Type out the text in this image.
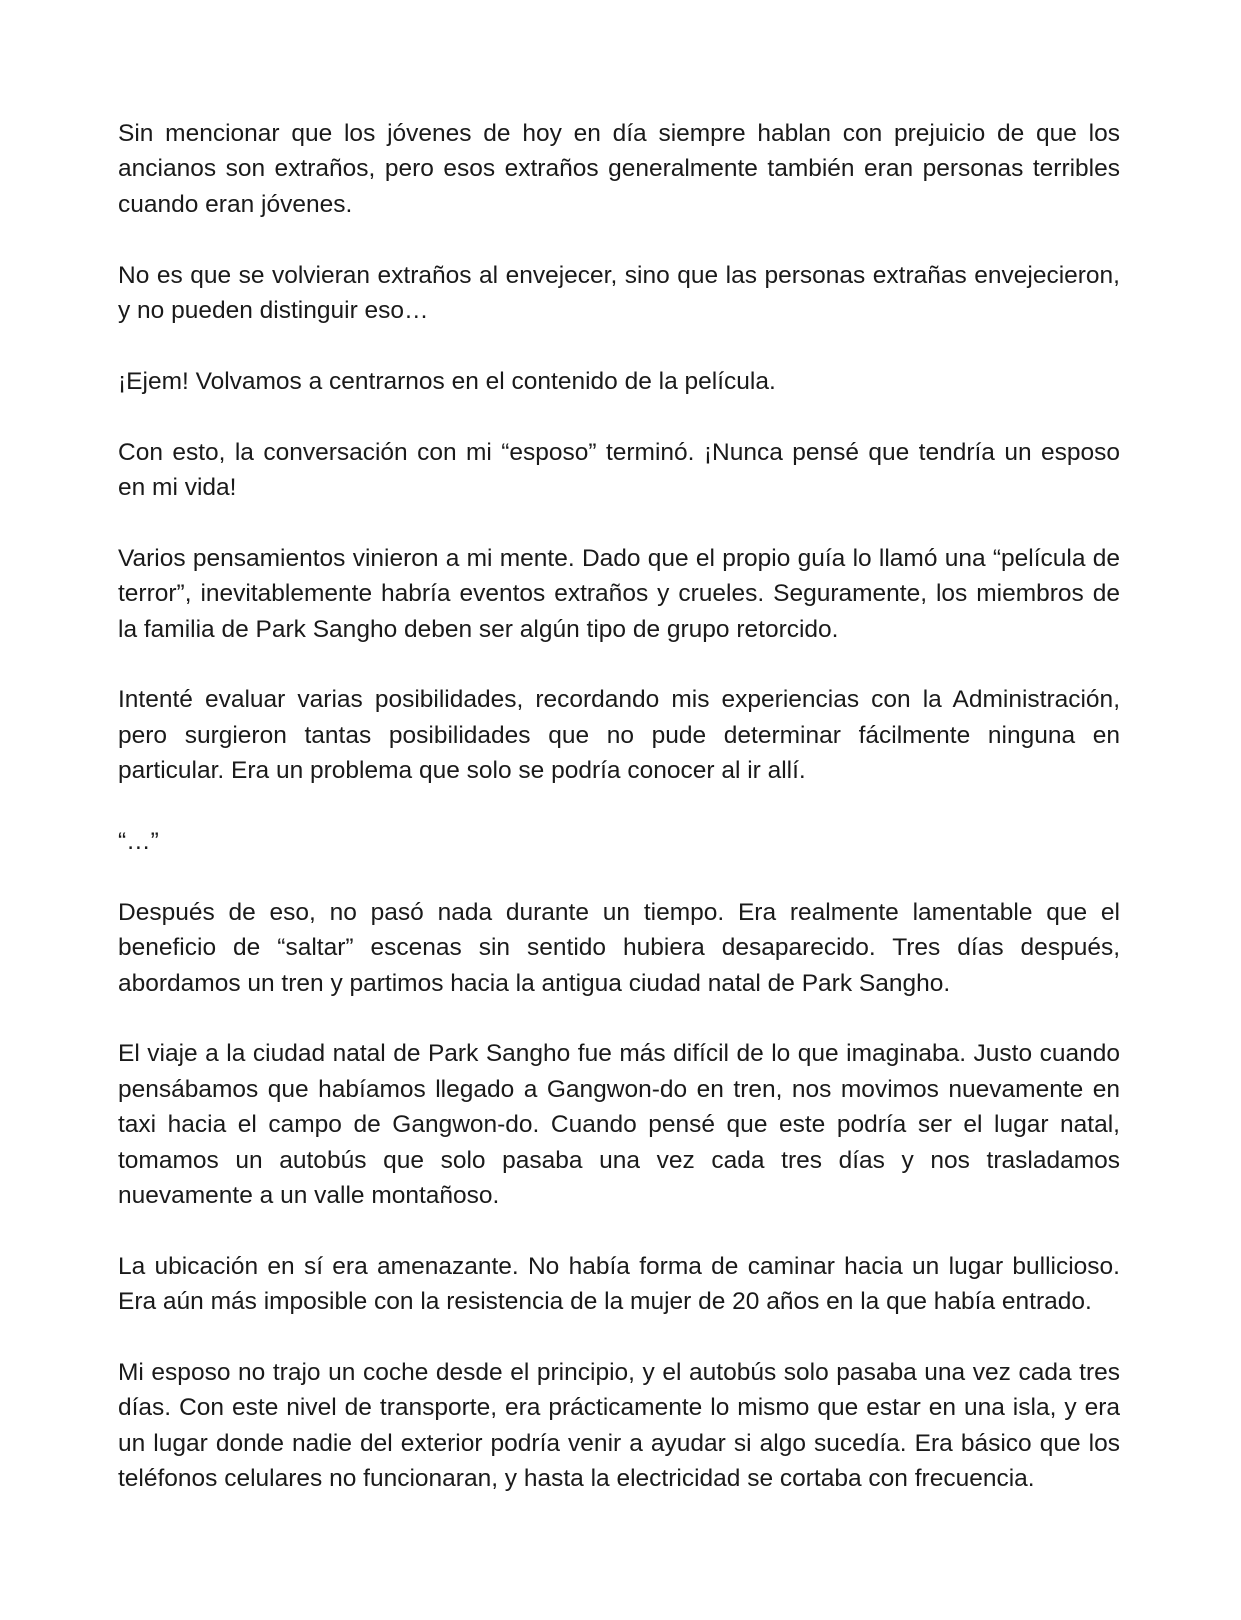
Sin mencionar que los jóvenes de hoy en día siempre hablan con prejuicio de que los ancianos son extraños, pero esos extraños generalmente también eran personas terribles cuando eran jóvenes.

No es que se volvieran extraños al envejecer, sino que las personas extrañas envejecieron, y no pueden distinguir eso…

¡Ejem! Volvamos a centrarnos en el contenido de la película.

Con esto, la conversación con mi “esposo” terminó. ¡Nunca pensé que tendría un esposo en mi vida!

Varios pensamientos vinieron a mi mente. Dado que el propio guía lo llamó una “película de terror”, inevitablemente habría eventos extraños y crueles. Seguramente, los miembros de la familia de Park Sangho deben ser algún tipo de grupo retorcido.

Intenté evaluar varias posibilidades, recordando mis experiencias con la Administración, pero surgieron tantas posibilidades que no pude determinar fácilmente ninguna en particular. Era un problema que solo se podría conocer al ir allí.

“…”

Después de eso, no pasó nada durante un tiempo. Era realmente lamentable que el beneficio de “saltar” escenas sin sentido hubiera desaparecido. Tres días después, abordamos un tren y partimos hacia la antigua ciudad natal de Park Sangho.

El viaje a la ciudad natal de Park Sangho fue más difícil de lo que imaginaba. Justo cuando pensábamos que habíamos llegado a Gangwon-do en tren, nos movimos nuevamente en taxi hacia el campo de Gangwon-do. Cuando pensé que este podría ser el lugar natal, tomamos un autobús que solo pasaba una vez cada tres días y nos trasladamos nuevamente a un valle montañoso.

La ubicación en sí era amenazante. No había forma de caminar hacia un lugar bullicioso. Era aún más imposible con la resistencia de la mujer de 20 años en la que había entrado.

Mi esposo no trajo un coche desde el principio, y el autobús solo pasaba una vez cada tres días. Con este nivel de transporte, era prácticamente lo mismo que estar en una isla, y era un lugar donde nadie del exterior podría venir a ayudar si algo sucedía. Era básico que los teléfonos celulares no funcionaran, y hasta la electricidad se cortaba con frecuencia.
